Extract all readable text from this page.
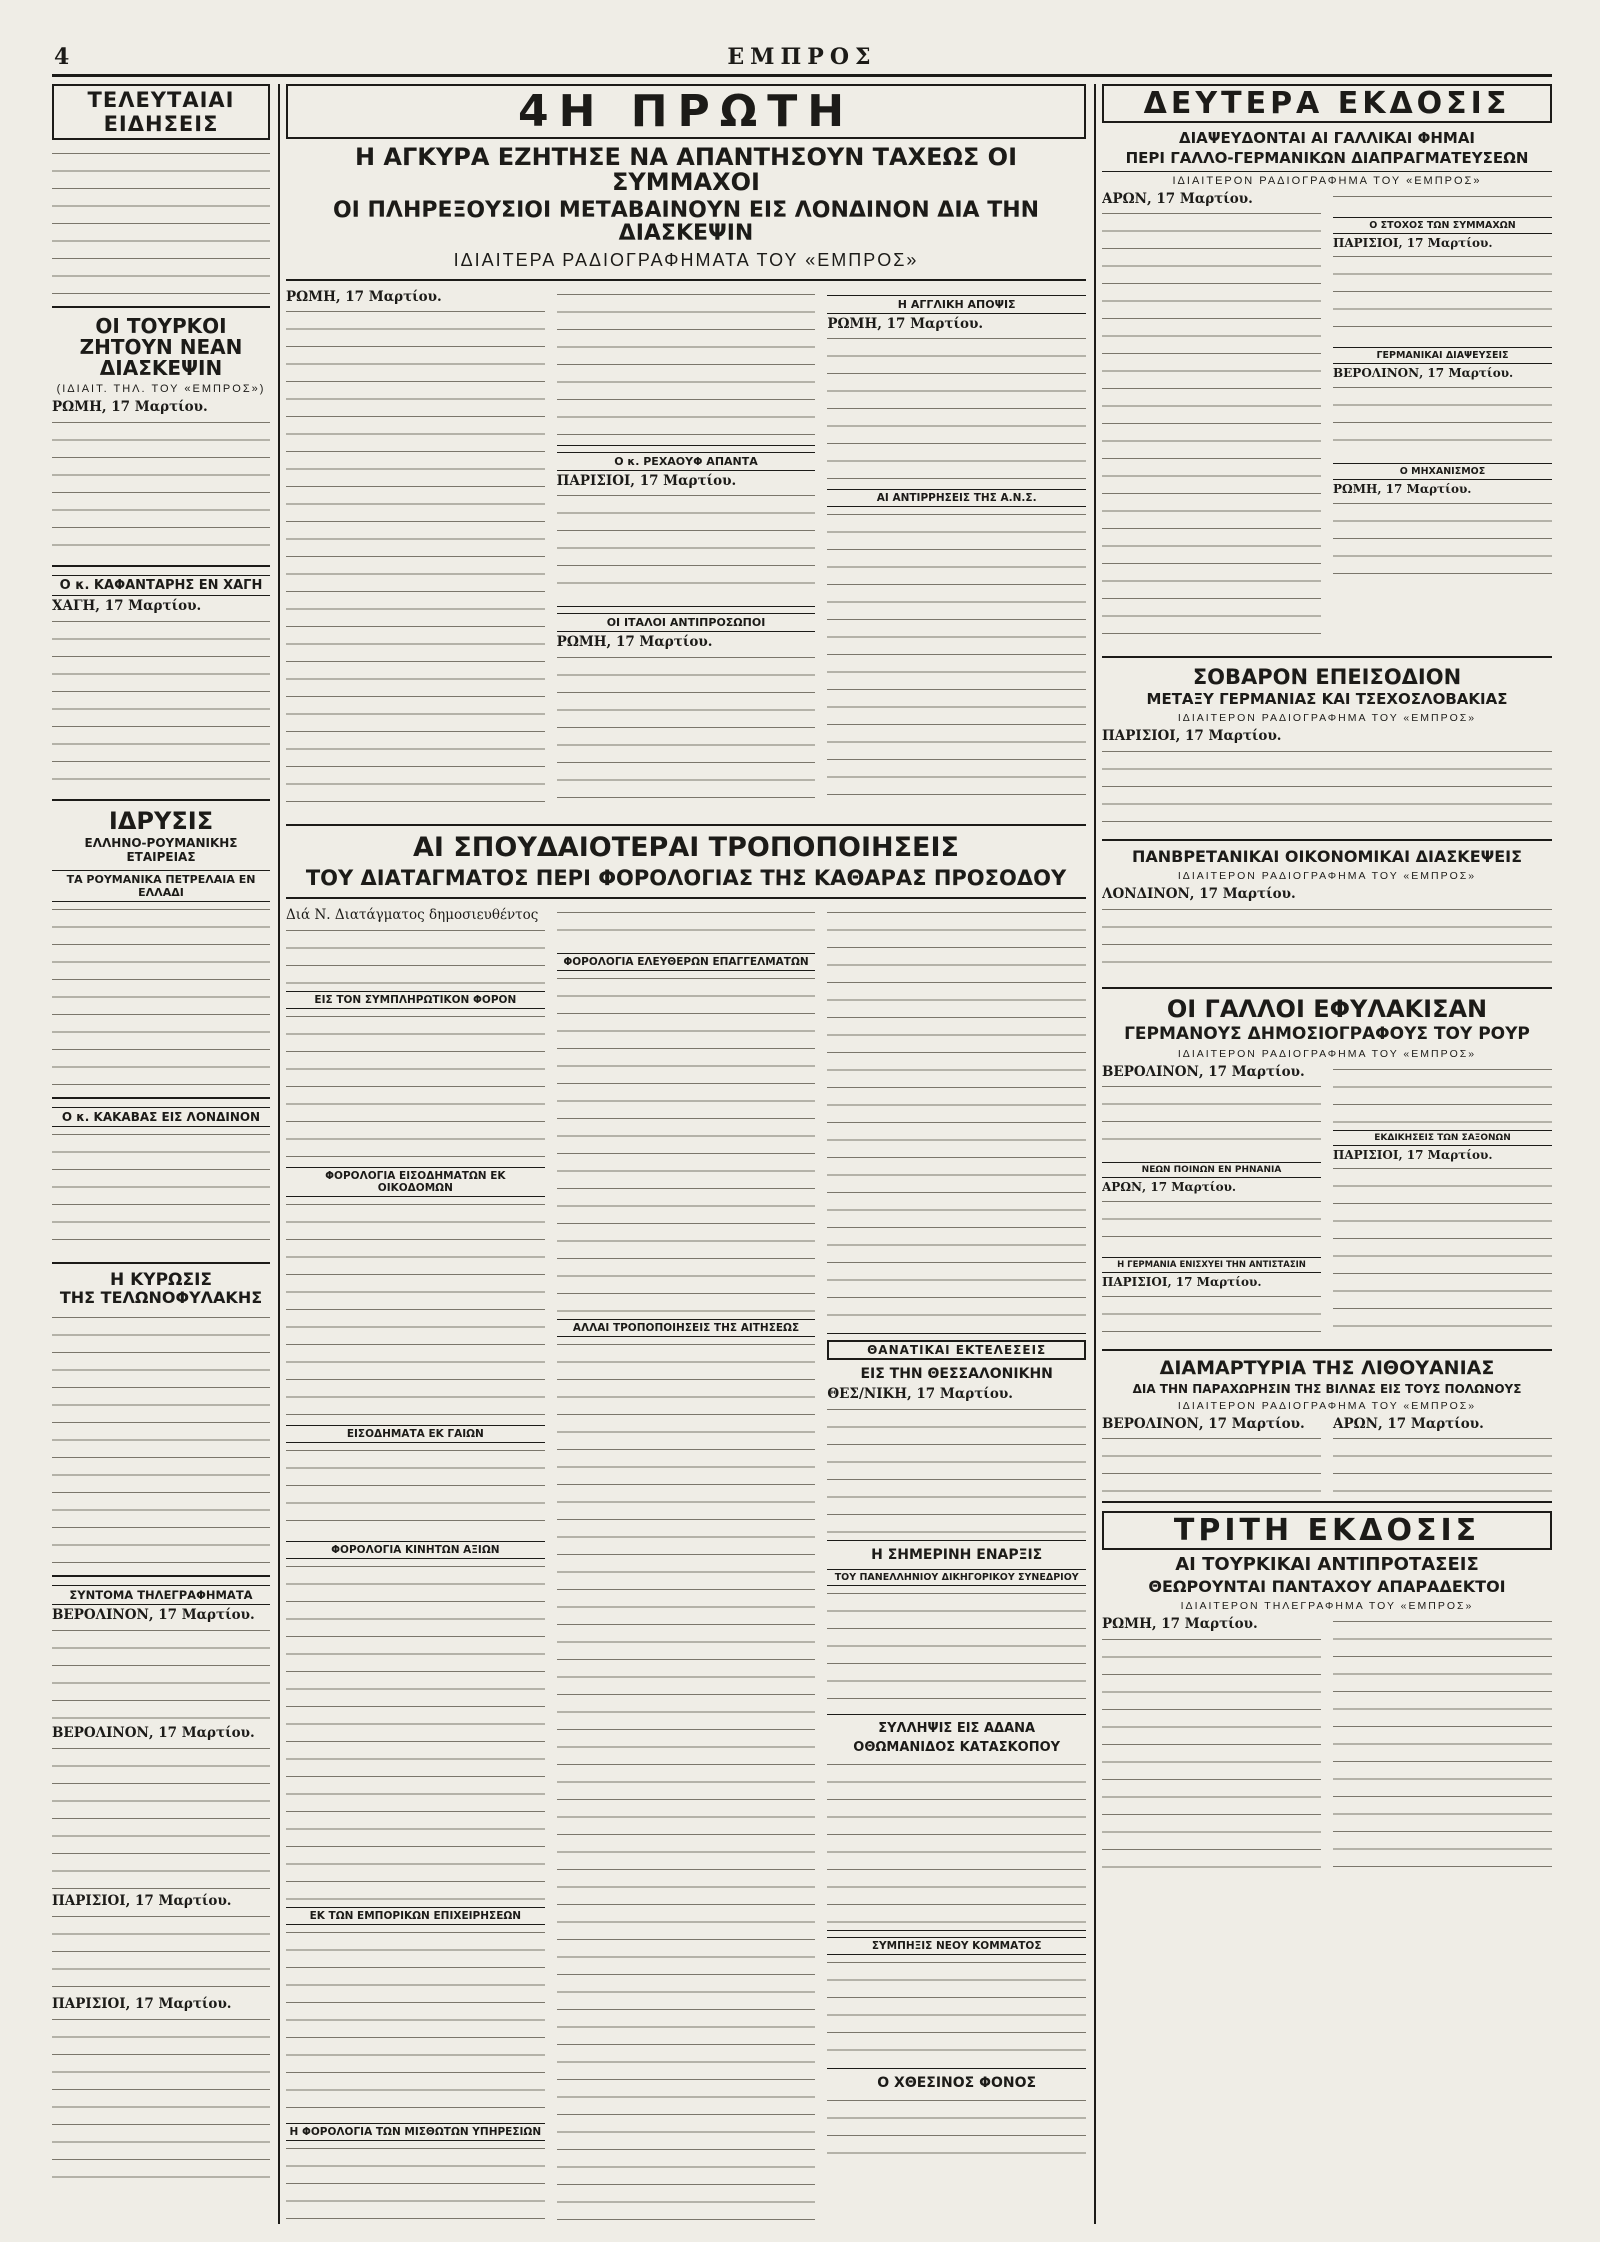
4	ΕΜΠΡΟΣ
ΤΕΛΕΥΤΑΙΑΙ ΕΙΔΗΣΕΙΣ
ΟΙ ΤΟΥΡΚΟΙ ΖΗΤΟΥΝ ΝΕΑΝ ΔΙΑΣΚΕΨΙΝ
(ΙΔΙΑΙΤ. ΤΗΛ. ΤΟΥ «ΕΜΠΡΟΣ»)
ΡΩΜΗ, 17 Μαρτίου.
Ο κ. ΚΑΦΑΝΤΑΡΗΣ ΕΝ ΧΑΓΗ
ΧΑΓΗ, 17 Μαρτίου.
ΙΔΡΥΣΙΣ
ΕΛΛΗΝΟ-ΡΟΥΜΑΝΙΚΗΣ ΕΤΑΙΡΕΙΑΣ
ΤΑ ΡΟΥΜΑΝΙΚΑ ΠΕΤΡΕΛΑΙΑ ΕΝ ΕΛΛΑΔΙ
Ο κ. ΚΑΚΑΒΑΣ ΕΙΣ ΛΟΝΔΙΝΟΝ
Η ΚΥΡΩΣΙΣ
ΤΗΣ ΤΕΛΩΝΟΦΥΛΑΚΗΣ
ΣΥΝΤΟΜΑ ΤΗΛΕΓΡΑΦΗΜΑΤΑ
ΒΕΡΟΛΙΝΟΝ, 17 Μαρτίου.
ΒΕΡΟΛΙΝΟΝ, 17 Μαρτίου.
ΠΑΡΙΣΙΟΙ, 17 Μαρτίου.
ΠΑΡΙΣΙΟΙ, 17 Μαρτίου.
4Η ΠΡΩΤΗ
Η ΑΓΚΥΡΑ ΕΖΗΤΗΣΕ ΝΑ ΑΠΑΝΤΗΣΟΥΝ ΤΑΧΕΩΣ ΟΙ ΣΥΜΜΑΧΟΙ
ΟΙ ΠΛΗΡΕΞΟΥΣΙΟΙ ΜΕΤΑΒΑΙΝΟΥΝ ΕΙΣ ΛΟΝΔΙΝΟΝ ΔΙΑ ΤΗΝ ΔΙΑΣΚΕΨΙΝ
ΙΔΙΑΙΤΕΡΑ ΡΑΔΙΟΓΡΑΦΗΜΑΤΑ ΤΟΥ «ΕΜΠΡΟΣ»
ΡΩΜΗ, 17 Μαρτίου.
Ο κ. ΡΕΧΑΟΥΦ ΑΠΑΝΤΑ
ΠΑΡΙΣΙΟΙ, 17 Μαρτίου.
ΟΙ ΙΤΑΛΟΙ ΑΝΤΙΠΡΟΣΩΠΟΙ
ΡΩΜΗ, 17 Μαρτίου.
Η ΑΓΓΛΙΚΗ ΑΠΟΨΙΣ
ΡΩΜΗ, 17 Μαρτίου.
ΑΙ ΑΝΤΙΡΡΗΣΕΙΣ ΤΗΣ Α.Ν.Σ.
ΑΙ ΣΠΟΥΔΑΙΟΤΕΡΑΙ ΤΡΟΠΟΠΟΙΗΣΕΙΣ
ΤΟΥ ΔΙΑΤΑΓΜΑΤΟΣ ΠΕΡΙ ΦΟΡΟΛΟΓΙΑΣ ΤΗΣ ΚΑΘΑΡΑΣ ΠΡΟΣΟΔΟΥ
Διά Ν. Διατάγματος δημοσιευθέντος
ΕΙΣ ΤΟΝ ΣΥΜΠΛΗΡΩΤΙΚΟΝ ΦΟΡΟΝ
ΦΟΡΟΛΟΓΙΑ ΕΙΣΟΔΗΜΑΤΩΝ ΕΚ ΟΙΚΟΔΟΜΩΝ
ΕΙΣΟΔΗΜΑΤΑ ΕΚ ΓΑΙΩΝ
ΦΟΡΟΛΟΓΙΑ ΚΙΝΗΤΩΝ ΑΞΙΩΝ
ΕΚ ΤΩΝ ΕΜΠΟΡΙΚΩΝ ΕΠΙΧΕΙΡΗΣΕΩΝ
Η ΦΟΡΟΛΟΓΙΑ ΤΩΝ ΜΙΣΘΩΤΩΝ ΥΠΗΡΕΣΙΩΝ
ΦΟΡΟΛΟΓΙΑ ΕΛΕΥΘΕΡΩΝ ΕΠΑΓΓΕΛΜΑΤΩΝ
ΑΛΛΑΙ ΤΡΟΠΟΠΟΙΗΣΕΙΣ ΤΗΣ ΑΙΤΗΣΕΩΣ
ΘΑΝΑΤΙΚΑΙ ΕΚΤΕΛΕΣΕΙΣ
ΕΙΣ ΤΗΝ ΘΕΣΣΑΛΟΝΙΚΗΝ
ΘΕΣ/ΝΙΚΗ, 17 Μαρτίου.
Η ΣΗΜΕΡΙΝΗ ΕΝΑΡΞΙΣ
ΤΟΥ ΠΑΝΕΛΛΗΝΙΟΥ ΔΙΚΗΓΟΡΙΚΟΥ ΣΥΝΕΔΡΙΟΥ
ΣΥΛΛΗΨΙΣ ΕΙΣ ΑΔΑΝΑ
ΟΘΩΜΑΝΙΔΟΣ ΚΑΤΑΣΚΟΠΟΥ
ΣΥΜΠΗΞΙΣ ΝΕΟΥ ΚΟΜΜΑΤΟΣ
Ο ΧΘΕΣΙΝΟΣ ΦΟΝΟΣ
ΔΕΥΤΕΡΑ ΕΚΔΟΣΙΣ
ΔΙΑΨΕΥΔΟΝΤΑΙ ΑΙ ΓΑΛΛΙΚΑΙ ΦΗΜΑΙ
ΠΕΡΙ ΓΑΛΛΟ-ΓΕΡΜΑΝΙΚΩΝ ΔΙΑΠΡΑΓΜΑΤΕΥΣΕΩΝ
ΙΔΙΑΙΤΕΡΟΝ ΡΑΔΙΟΓΡΑΦΗΜΑ ΤΟΥ «ΕΜΠΡΟΣ»
ΑΡΩΝ, 17 Μαρτίου.
Ο ΣΤΟΧΟΣ ΤΩΝ ΣΥΜΜΑΧΩΝ
ΠΑΡΙΣΙΟΙ, 17 Μαρτίου.
ΓΕΡΜΑΝΙΚΑΙ ΔΙΑΨΕΥΣΕΙΣ
ΒΕΡΟΛΙΝΟΝ, 17 Μαρτίου.
Ο ΜΗΧΑΝΙΣΜΟΣ
ΡΩΜΗ, 17 Μαρτίου.
ΣΟΒΑΡΟΝ ΕΠΕΙΣΟΔΙΟΝ
ΜΕΤΑΞΥ ΓΕΡΜΑΝΙΑΣ ΚΑΙ ΤΣΕΧΟΣΛΟΒΑΚΙΑΣ
ΙΔΙΑΙΤΕΡΟΝ ΡΑΔΙΟΓΡΑΦΗΜΑ ΤΟΥ «ΕΜΠΡΟΣ»
ΠΑΡΙΣΙΟΙ, 17 Μαρτίου.
ΠΑΝΒΡΕΤΑΝΙΚΑΙ ΟΙΚΟΝΟΜΙΚΑΙ ΔΙΑΣΚΕΨΕΙΣ
ΙΔΙΑΙΤΕΡΟΝ ΡΑΔΙΟΓΡΑΦΗΜΑ ΤΟΥ «ΕΜΠΡΟΣ»
ΛΟΝΔΙΝΟΝ, 17 Μαρτίου.
ΟΙ ΓΑΛΛΟΙ ΕΦΥΛΑΚΙΣΑΝ
ΓΕΡΜΑΝΟΥΣ ΔΗΜΟΣΙΟΓΡΑΦΟΥΣ ΤΟΥ ΡΟΥΡ
ΙΔΙΑΙΤΕΡΟΝ ΡΑΔΙΟΓΡΑΦΗΜΑ ΤΟΥ «ΕΜΠΡΟΣ»
ΒΕΡΟΛΙΝΟΝ, 17 Μαρτίου.
ΝΕΩΝ ΠΟΙΝΩΝ ΕΝ ΡΗΝΑΝΙΑ
ΑΡΩΝ, 17 Μαρτίου.
Η ΓΕΡΜΑΝΙΑ ΕΝΙΣΧΥΕΙ ΤΗΝ ΑΝΤΙΣΤΑΣΙΝ
ΠΑΡΙΣΙΟΙ, 17 Μαρτίου.
ΕΚΔΙΚΗΣΕΙΣ ΤΩΝ ΣΑΞΟΝΩΝ
ΠΑΡΙΣΙΟΙ, 17 Μαρτίου.
ΔΙΑΜΑΡΤΥΡΙΑ ΤΗΣ ΛΙΘΟΥΑΝΙΑΣ
ΔΙΑ ΤΗΝ ΠΑΡΑΧΩΡΗΣΙΝ ΤΗΣ ΒΙΛΝΑΣ ΕΙΣ ΤΟΥΣ ΠΟΛΩΝΟΥΣ
ΙΔΙΑΙΤΕΡΟΝ ΡΑΔΙΟΓΡΑΦΗΜΑ ΤΟΥ «ΕΜΠΡΟΣ»
ΒΕΡΟΛΙΝΟΝ, 17 Μαρτίου.	ΑΡΩΝ, 17 Μαρτίου.
ΤΡΙΤΗ ΕΚΔΟΣΙΣ
ΑΙ ΤΟΥΡΚΙΚΑΙ ΑΝΤΙΠΡΟΤΑΣΕΙΣ
ΘΕΩΡΟΥΝΤΑΙ ΠΑΝΤΑΧΟΥ ΑΠΑΡΑΔΕΚΤΟΙ
ΙΔΙΑΙΤΕΡΟΝ ΤΗΛΕΓΡΑΦΗΜΑ ΤΟΥ «ΕΜΠΡΟΣ»
ΡΩΜΗ, 17 Μαρτίου.
